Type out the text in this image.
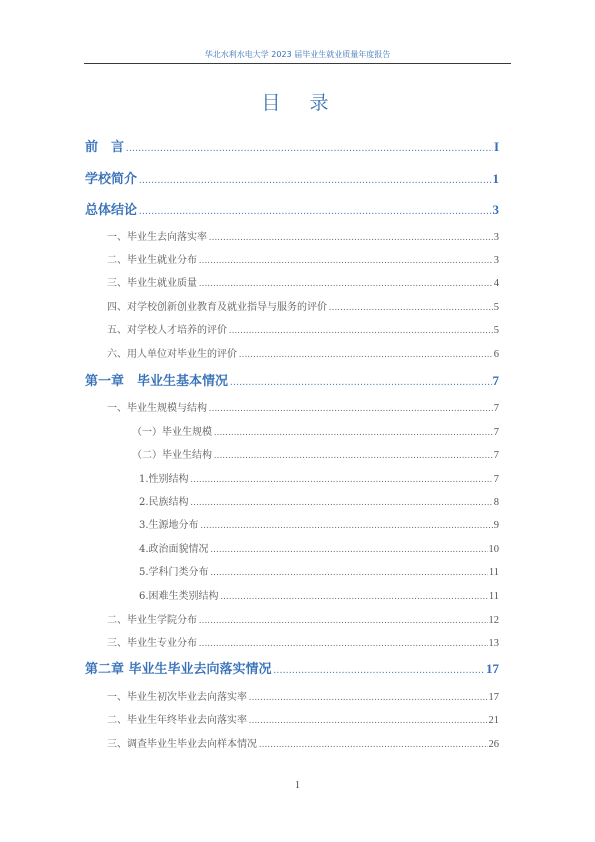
华北水利水电大学 2023 届毕业生就业质量年度报告
目　录
前　言 .....	I
学校简介 .....	1
总体结论 .....	3
一、毕业生去向落实率 .....	3
二、毕业生就业分布 .....	3
三、毕业生就业质量 .....	4
四、对学校创新创业教育及就业指导与服务的评价 .....	5
五、对学校人才培养的评价 .....	5
六、用人单位对毕业生的评价 .....	6
第一章　毕业生基本情况 .....	7
一、毕业生规模与结构 .....	7
（一）毕业生规模 .....	7
（二）毕业生结构 .....	7
1.性别结构 .....	7
2.民族结构 .....	8
3.生源地分布 .....	9
4.政治面貌情况 .....	10
5.学科门类分布 .....	11
6.困难生类别结构 .....	11
二、毕业生学院分布 .....	12
三、毕业生专业分布 .....	13
第二章 毕业生毕业去向落实情况 .....	17
一、毕业生初次毕业去向落实率 .....	17
二、毕业生年终毕业去向落实率 .....	21
三、调查毕业生毕业去向样本情况 .....	26
1
